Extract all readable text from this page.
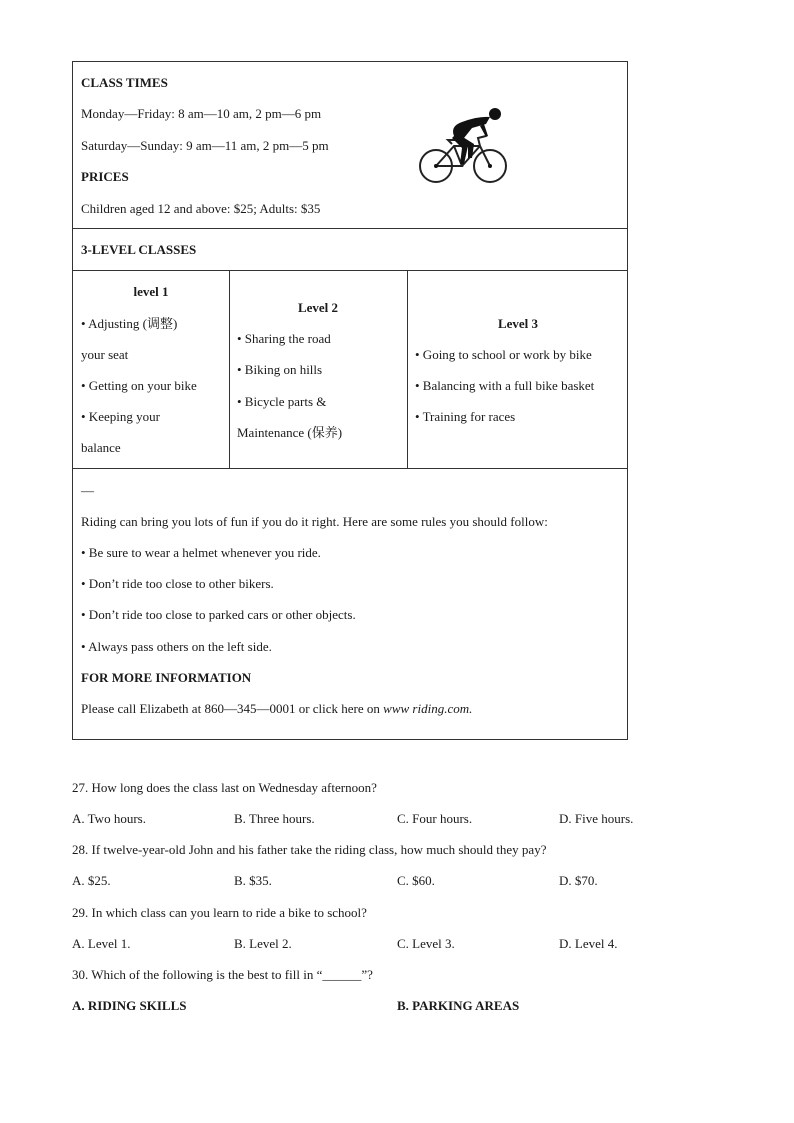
CLASS TIMES
Monday—Friday: 8 am—10 am, 2 pm—6 pm
Saturday—Sunday: 9 am—11 am, 2 pm—5 pm
PRICES
Children aged 12 and above: $25; Adults: $35
3-LEVEL CLASSES
level 1
• Adjusting (调整)
your seat
• Getting on your bike
• Keeping your
balance
Level 2
• Sharing the road
• Biking on hills
• Bicycle parts &
Maintenance (保养)
Level 3
• Going to school or work by bike
• Balancing with a full bike basket
• Training for races
—
Riding can bring you lots of fun if you do it right. Here are some rules you should follow:
• Be sure to wear a helmet whenever you ride.
• Don’t ride too close to other bikers.
• Don’t ride too close to parked cars or other objects.
• Always pass others on the left side.
FOR MORE INFORMATION
Please call Elizabeth at 860—345—0001 or click here on www riding.com.
27. How long does the class last on Wednesday afternoon?
A. Two hours.	B. Three hours.	C. Four hours.	D. Five hours.
28. If twelve-year-old John and his father take the riding class, how much should they pay?
A. $25.	B. $35.	C. $60.	D. $70.
29. In which class can you learn to ride a bike to school?
A. Level 1.	B. Level 2.	C. Level 3.	D. Level 4.
30. Which of the following is the best to fill in “______”?
A. RIDING SKILLS	B. PARKING AREAS
